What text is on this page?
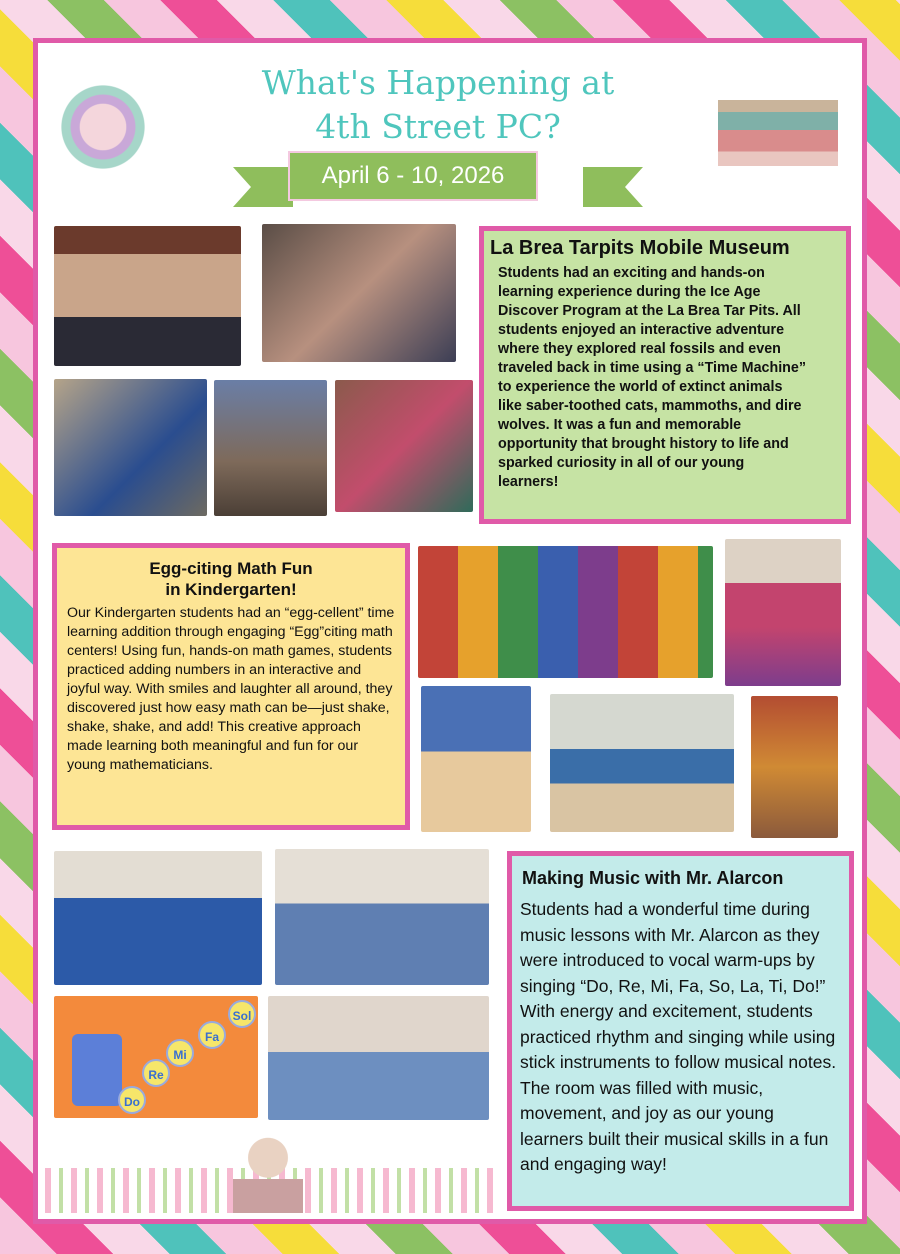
What's Happening at
4th Street PC?
April 6 - 10, 2026
La Brea Tarpits Mobile Museum

Students had an exciting and hands-on learning experience during the Ice Age Discover Program at the La Brea Tar Pits. All students enjoyed an interactive adventure where they explored real fossils and even traveled back in time using a “Time Machine” to experience the world of extinct animals like saber-toothed cats, mammoths, and dire wolves. It was a fun and memorable opportunity that brought history to life and sparked curiosity in all of our young learners!

Egg-citing Math Fun
in Kindergarten!

Our Kindergarten students had an “egg-cellent” time learning addition through engaging “Egg”citing math centers! Using fun, hands-on math games, students practiced adding numbers in an interactive and joyful way. With smiles and laughter all around, they discovered just how easy math can be—just shake, shake, shake, and add! This creative approach made learning both meaningful and fun for our young mathematicians.

Do
Re
Mi
Fa
Sol
Making Music with Mr. Alarcon

Students had a wonderful time during music lessons with Mr. Alarcon as they were introduced to vocal warm-ups by singing “Do, Re, Mi, Fa, So, La, Ti, Do!” With energy and excitement, students practiced rhythm and singing while using stick instruments to follow musical notes. The room was filled with music, movement, and joy as our young learners built their musical skills in a fun and engaging way!
